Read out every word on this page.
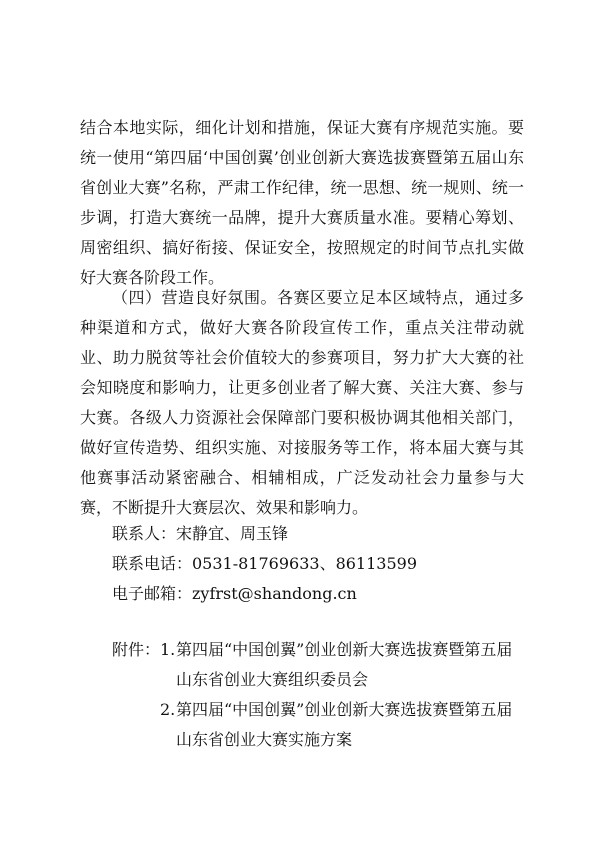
结合本地实际，细化计划和措施，保证大赛有序规范实施。要统一使用“第四届‘中国创翼’创业创新大赛选拔赛暨第五届山东省创业大赛”名称，严肃工作纪律，统一思想、统一规则、统一步调，打造大赛统一品牌，提升大赛质量水准。要精心筹划、周密组织、搞好衔接、保证安全，按照规定的时间节点扎实做好大赛各阶段工作。

（四）营造良好氛围。各赛区要立足本区域特点，通过多种渠道和方式，做好大赛各阶段宣传工作，重点关注带动就业、助力脱贫等社会价值较大的参赛项目，努力扩大大赛的社会知晓度和影响力，让更多创业者了解大赛、关注大赛、参与大赛。各级人力资源社会保障部门要积极协调其他相关部门，做好宣传造势、组织实施、对接服务等工作，将本届大赛与其他赛事活动紧密融合、相辅相成，广泛发动社会力量参与大赛，不断提升大赛层次、效果和影响力。

联系人：宋静宜、周玉锋
联系电话：0531-81769633、86113599
电子邮箱：zyfrst@shandong.cn
附件： 1. 第四届“中国创翼”创业创新大赛选拔赛暨第五届山东省创业大赛组织委员会
2. 第四届“中国创翼”创业创新大赛选拔赛暨第五届山东省创业大赛实施方案
